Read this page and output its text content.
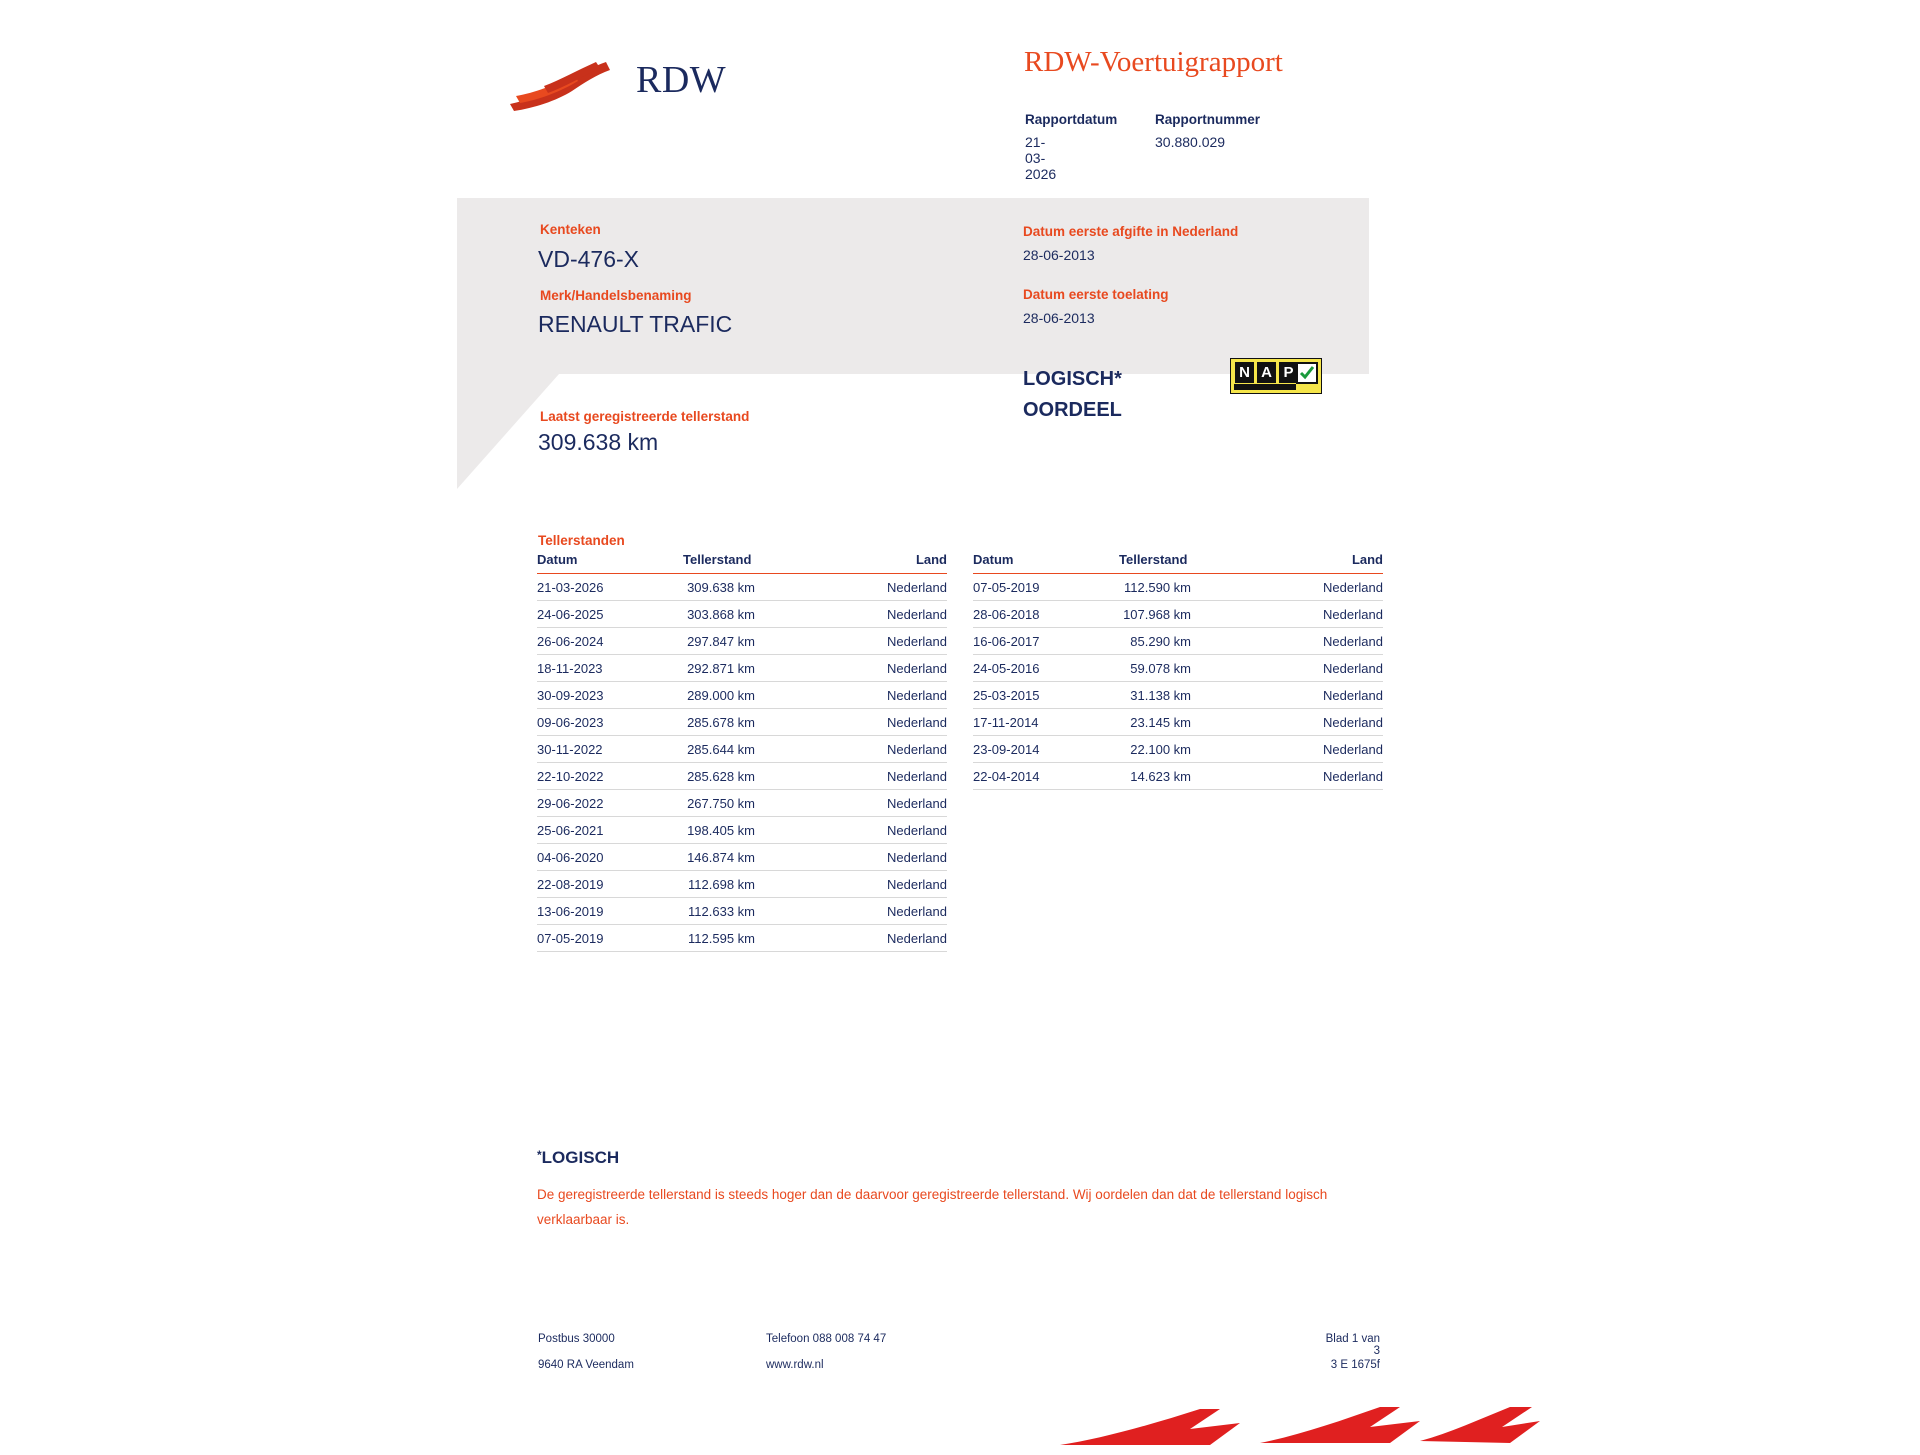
RDW	RDW-Voertuigrapport
Rapportdatum	Rapportnummer
21-03-2026
30.880.029
Kenteken
VD-476-X
Merk/Handelsbenaming
RENAULT TRAFIC
Laatst geregistreerde tellerstand
309.638 km
Datum eerste afgifte in Nederland
28-06-2013
Datum eerste toelating
28-06-2013
LOGISCH*
OORDEEL
N A P
Tellerstanden
Datum	Tellerstand	Land
21-03-2026	309.638 km	Nederland
24-06-2025	303.868 km	Nederland
26-06-2024	297.847 km	Nederland
18-11-2023	292.871 km	Nederland
30-09-2023	289.000 km	Nederland
09-06-2023	285.678 km	Nederland
30-11-2022	285.644 km	Nederland
22-10-2022	285.628 km	Nederland
29-06-2022	267.750 km	Nederland
25-06-2021	198.405 km	Nederland
04-06-2020	146.874 km	Nederland
22-08-2019	112.698 km	Nederland
13-06-2019	112.633 km	Nederland
07-05-2019	112.595 km	Nederland
Datum	Tellerstand	Land
07-05-2019	112.590 km	Nederland
28-06-2018	107.968 km	Nederland
16-06-2017	85.290 km	Nederland
24-05-2016	59.078 km	Nederland
25-03-2015	31.138 km	Nederland
17-11-2014	23.145 km	Nederland
23-09-2014	22.100 km	Nederland
22-04-2014	14.623 km	Nederland
*LOGISCH
De geregistreerde tellerstand is steeds hoger dan de daarvoor geregistreerde tellerstand. Wij oordelen dan dat de tellerstand logisch verklaarbaar is.
Postbus 30000
9640 RA Veendam
Telefoon 088 008 74 47
www.rdw.nl
Blad 1 van 3
3 E 1675f
